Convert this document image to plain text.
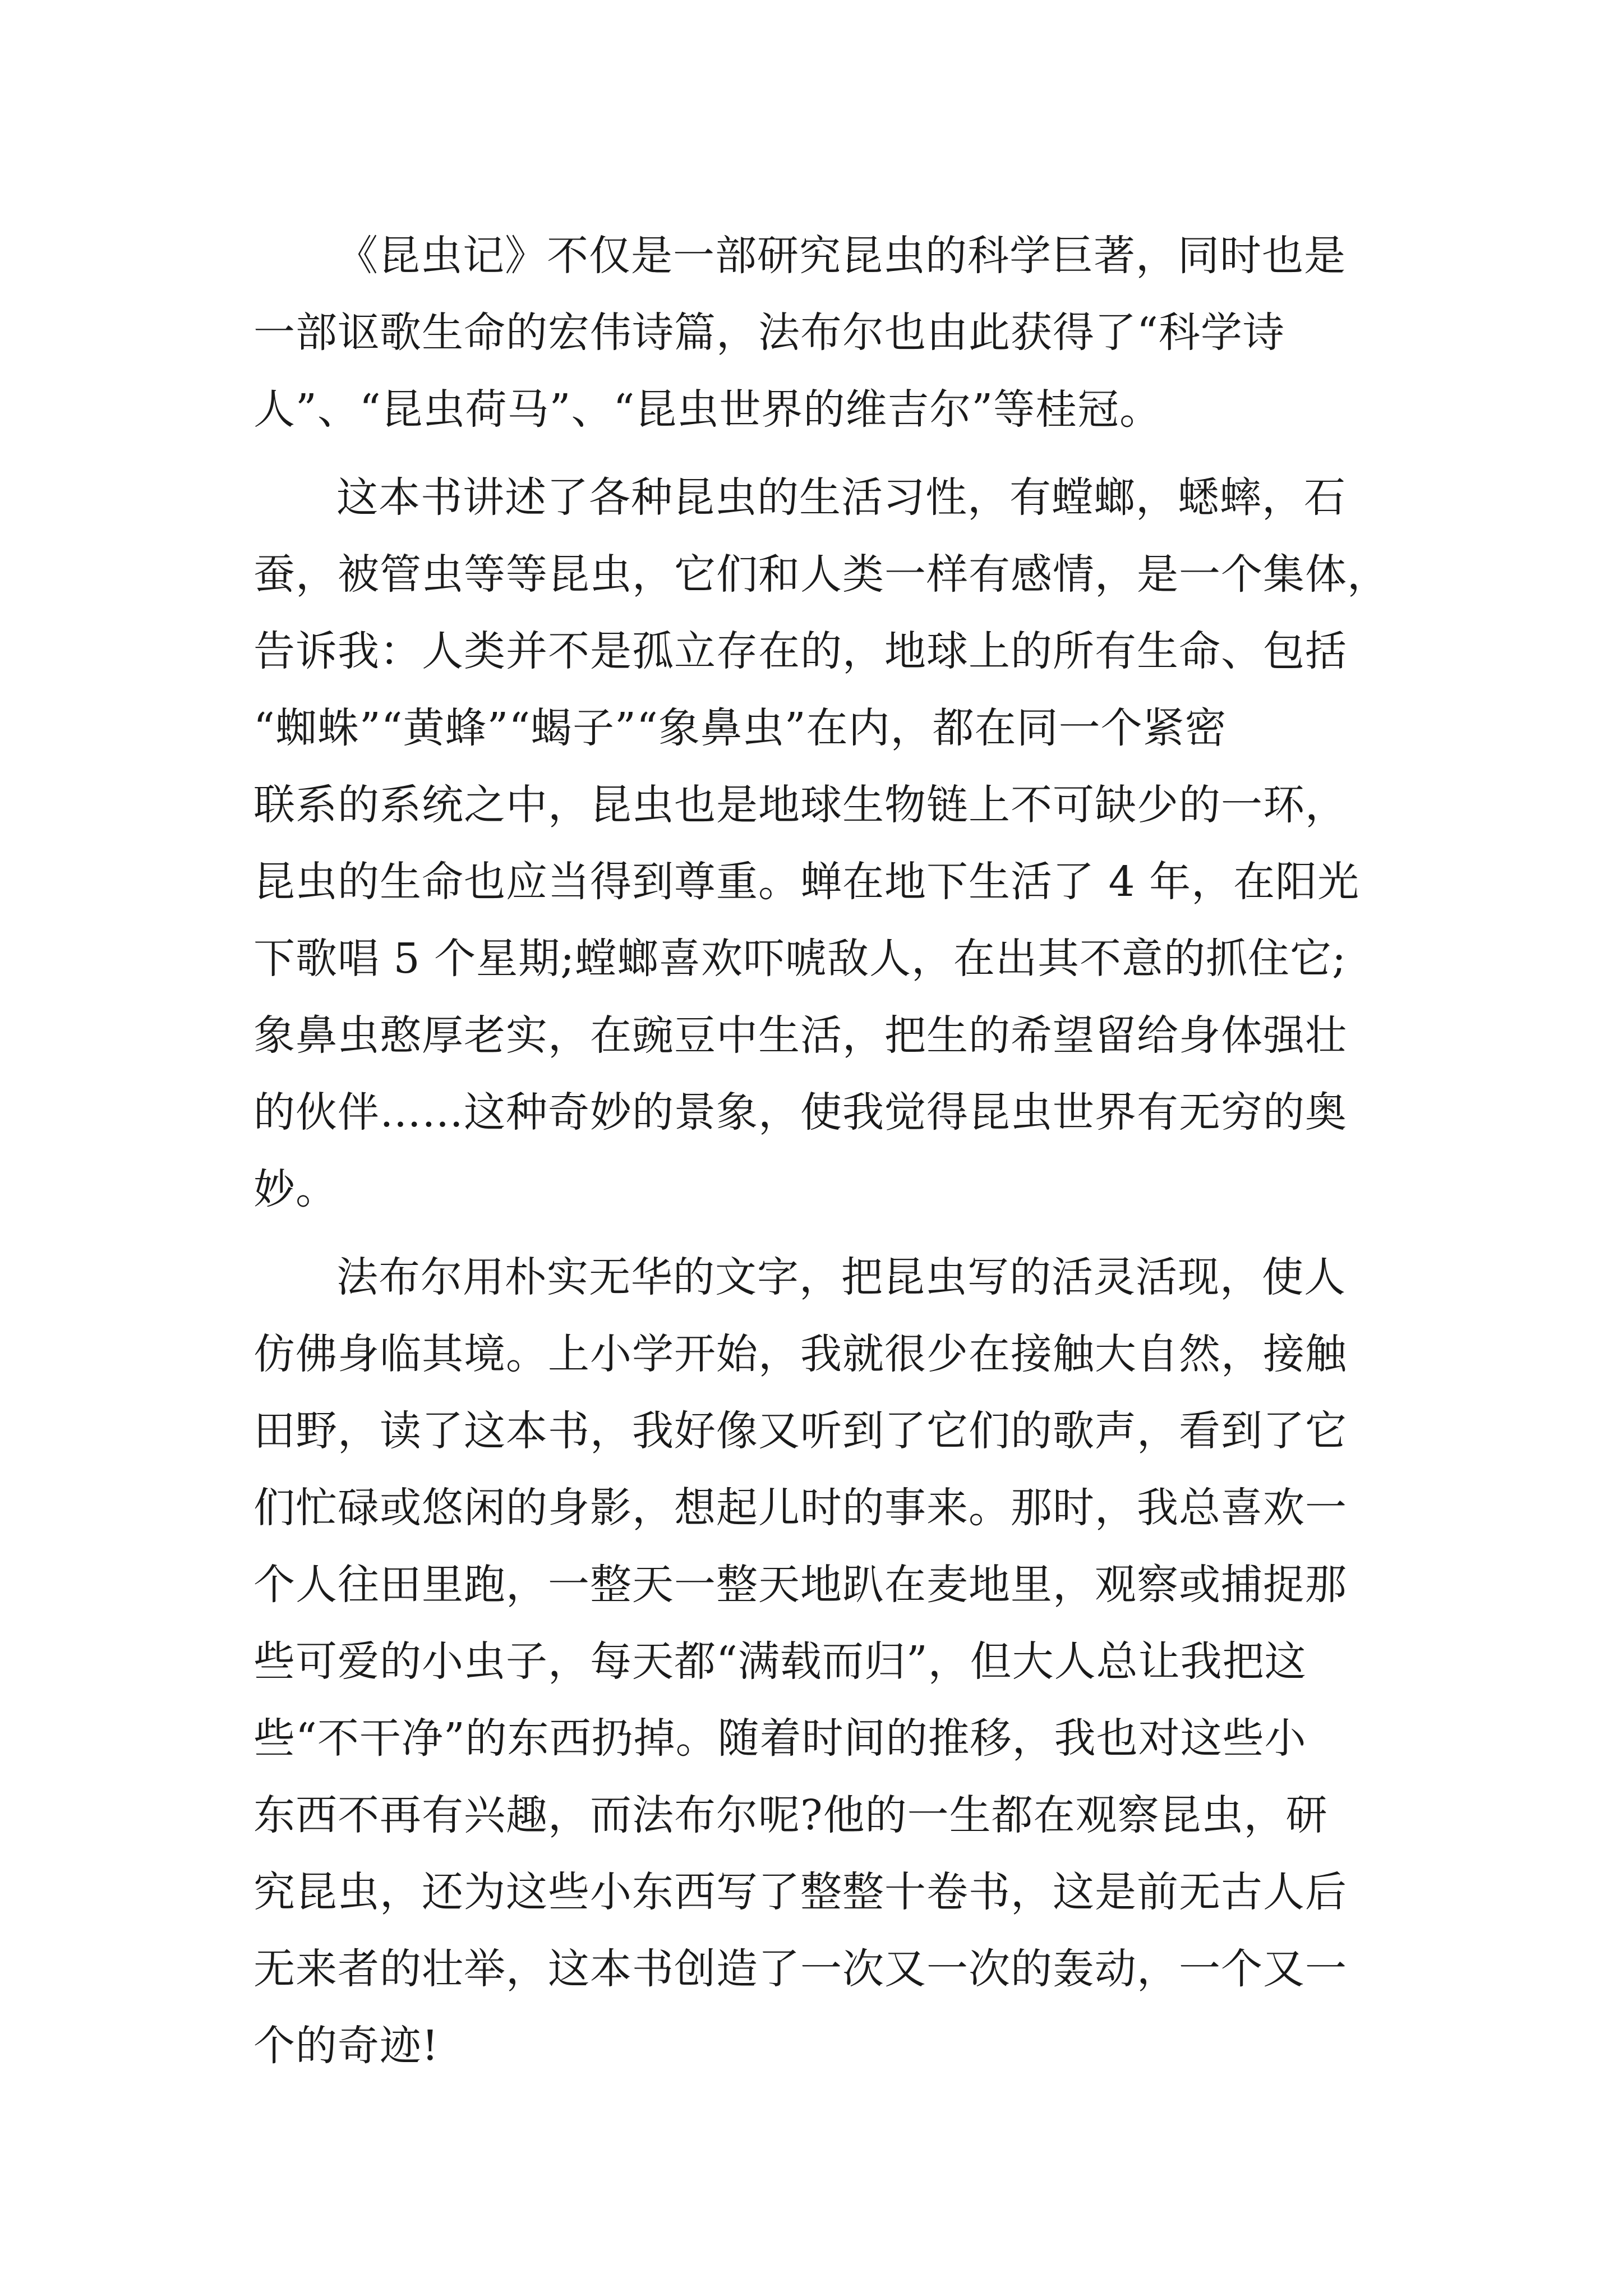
《昆虫记》不仅是一部研究昆虫的科学巨著，同时也是
一部讴歌生命的宏伟诗篇，法布尔也由此获得了“科学诗
人”、“昆虫荷马”、“昆虫世界的维吉尔”等桂冠。

这本书讲述了各种昆虫的生活习性，有螳螂，蟋蟀，石
蚕，被管虫等等昆虫，它们和人类一样有感情，是一个集体，
告诉我：人类并不是孤立存在的，地球上的所有生命、包括
“蜘蛛”“黄蜂”“蝎子”“象鼻虫”在内，都在同一个紧密
联系的系统之中，昆虫也是地球生物链上不可缺少的一环，
昆虫的生命也应当得到尊重。蝉在地下生活了 4 年，在阳光
下歌唱 5 个星期;螳螂喜欢吓唬敌人，在出其不意的抓住它;
象鼻虫憨厚老实，在豌豆中生活，把生的希望留给身体强壮
的伙伴……这种奇妙的景象，使我觉得昆虫世界有无穷的奥
妙。

法布尔用朴实无华的文字，把昆虫写的活灵活现，使人
仿佛身临其境。上小学开始，我就很少在接触大自然，接触
田野，读了这本书，我好像又听到了它们的歌声，看到了它
们忙碌或悠闲的身影，想起儿时的事来。那时，我总喜欢一
个人往田里跑，一整天一整天地趴在麦地里，观察或捕捉那
些可爱的小虫子，每天都“满载而归”，但大人总让我把这
些“不干净”的东西扔掉。随着时间的推移，我也对这些小
东西不再有兴趣，而法布尔呢?他的一生都在观察昆虫，研
究昆虫，还为这些小东西写了整整十卷书，这是前无古人后
无来者的壮举，这本书创造了一次又一次的轰动，一个又一
个的奇迹!
